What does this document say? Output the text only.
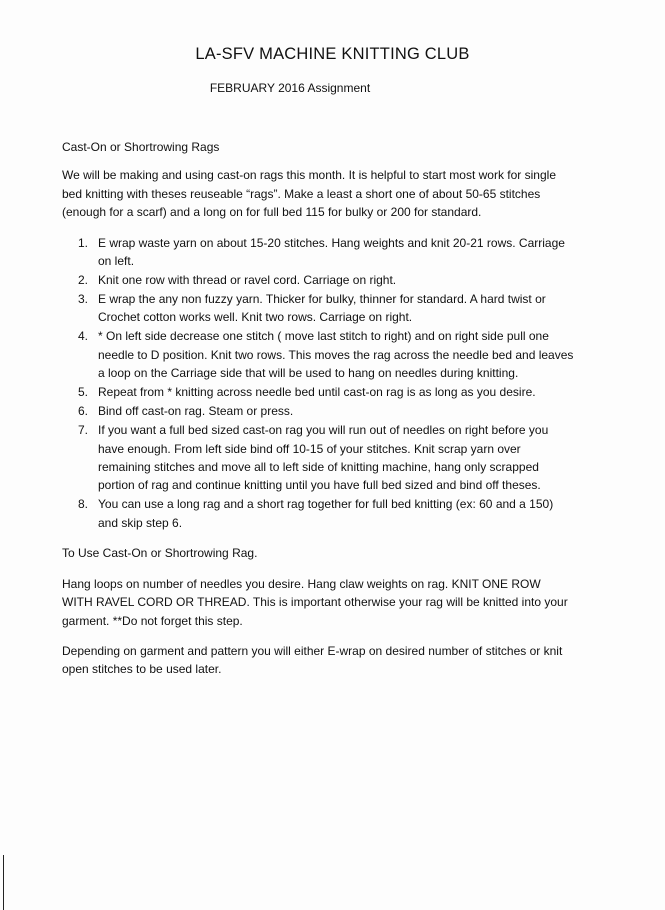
LA-SFV MACHINE KNITTING CLUB
FEBRUARY 2016 Assignment

Cast-On or Shortrowing Rags

We will be making and using cast-on rags this month. It is helpful to start most work for single bed knitting with theses reuseable “rags”. Make a least a short one of about 50-65 stitches (enough for a scarf) and a long on for full bed 115 for bulky or 200 for standard.

1. E wrap waste yarn on about 15-20 stitches. Hang weights and knit 20-21 rows. Carriage on left.
2. Knit one row with thread or ravel cord. Carriage on right.
3. E wrap the any non fuzzy yarn. Thicker for bulky, thinner for standard. A hard twist or Crochet cotton works well. Knit two rows. Carriage on right.
4. * On left side decrease one stitch ( move last stitch to right) and on right side pull one needle to D position. Knit two rows. This moves the rag across the needle bed and leaves a loop on the Carriage side that will be used to hang on needles during knitting.
5. Repeat from * knitting across needle bed until cast-on rag is as long as you desire.
6. Bind off cast-on rag. Steam or press.
7. If you want a full bed sized cast-on rag you will run out of needles on right before you have enough. From left side bind off 10-15 of your stitches. Knit scrap yarn over remaining stitches and move all to left side of knitting machine, hang only scrapped portion of rag and continue knitting until you have full bed sized and bind off theses.
8. You can use a long rag and a short rag together for full bed knitting (ex: 60 and a 150) and skip step 6.

To Use Cast-On or Shortrowing Rag.

Hang loops on number of needles you desire. Hang claw weights on rag. KNIT ONE ROW WITH RAVEL CORD OR THREAD. This is important otherwise your rag will be knitted into your garment. **Do not forget this step.

Depending on garment and pattern you will either E-wrap on desired number of stitches or knit open stitches to be used later.
